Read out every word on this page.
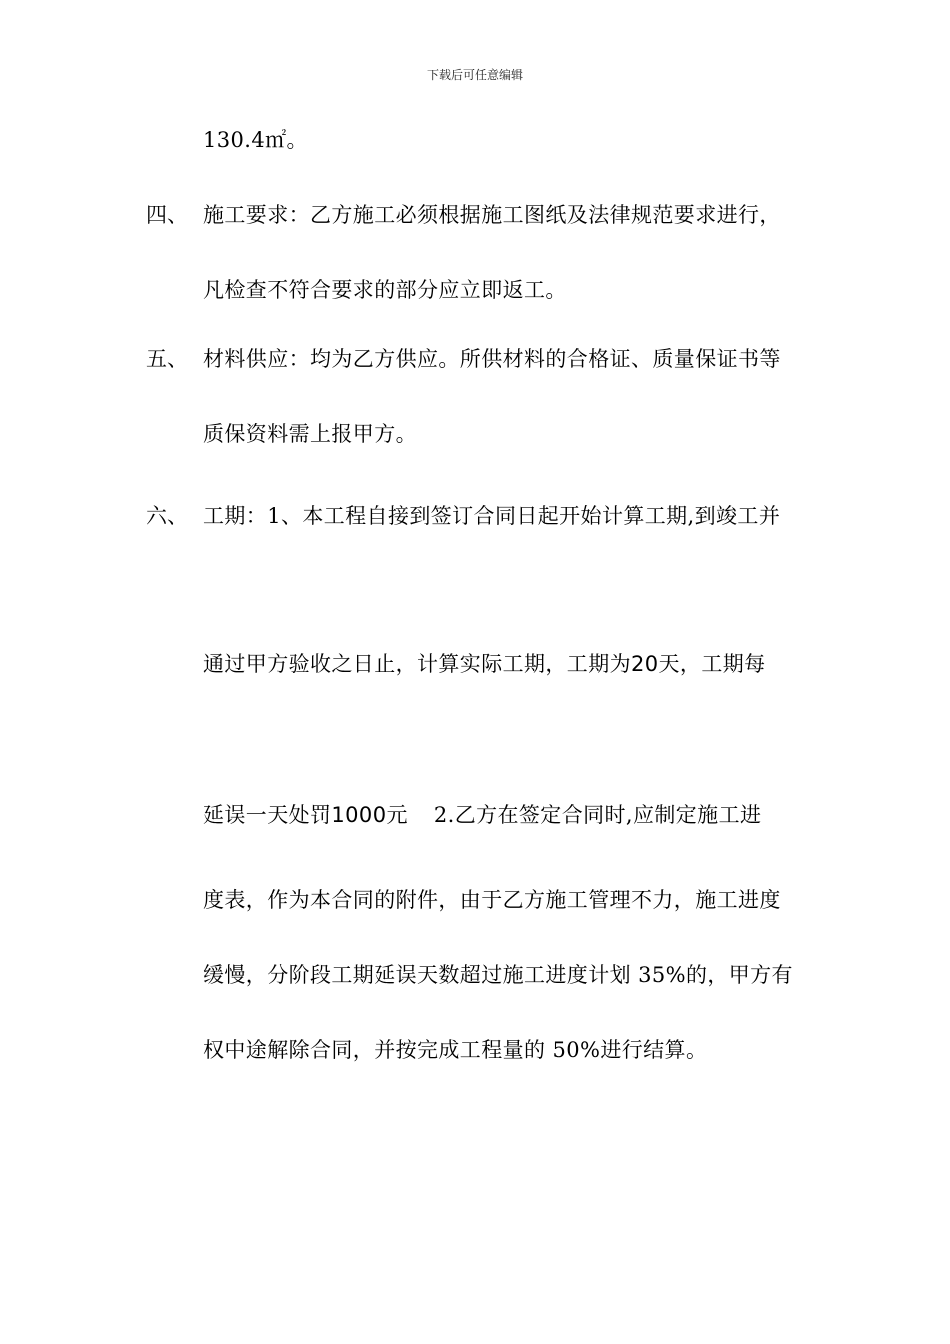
下载后可任意编辑
130.4㎡。
四、 施工要求：乙方施工必须根据施工图纸及法律规范要求进行，
凡检查不符合要求的部分应立即返工。
五、 材料供应：均为乙方供应。所供材料的合格证、质量保证书等
质保资料需上报甲方。
六、 工期：1、本工程自接到签订合同日起开始计算工期,到竣工并
通过甲方验收之日止，计算实际工期，工期为20天，工期每
延误一天处罚1000元 2.乙方在签定合同时,应制定施工进
度表，作为本合同的附件，由于乙方施工管理不力，施工进度
缓慢，分阶段工期延误天数超过施工进度计划 35%的，甲方有
权中途解除合同，并按完成工程量的 50%进行结算。
